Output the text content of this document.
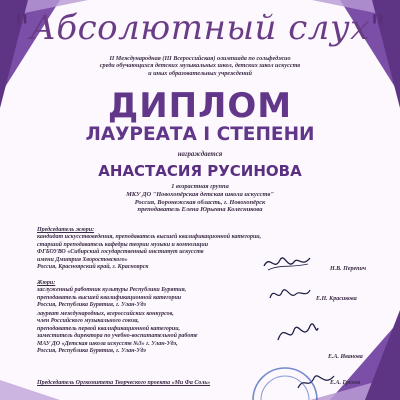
"Абсолютный слух"
II Международная (III Всероссийская) олимпиада по сольфеджио
среди обучающихся детских музыкальных школ, детских школ искусств
и иных образовательных учреждений
ДИПЛОМ
ЛАУРЕАТА I СТЕПЕНИ
награждается
АНАСТАСИЯ РУСИНОВА
1 возрастная группа
МКУ ДО "Новохопёрская детская школа искусств"
Россия, Воронежская область, г. Новохопёрск
преподаватель Елена Юрьевна Колесникова
Председатель жюри:
кандидат искусствоведения, преподаватель высшей квалификационной категории,
старший преподаватель кафедры теории музыки и композиции
ФГБОУВО «Сибирский государственный институт искусств
имени Дмитрия Хворостовского»
Россия, Красноярский край, г. Красноярск	Н.В. Перепич
Жюри:
заслуженный работник культуры Республики Бурятия,
преподаватель высшей квалификационной категории
Россия, Республика Бурятия, г. Улан-Удэ
Е.Н. Красикова
лауреат международных, всероссийских конкурсов,
член Российского музыкального союза,
преподаватель первой квалификационной категории,
заместитель директора по учебно-воспитательной работе
МАУ ДО «Детская школа искусств №3» г. Улан-Удэ,
Россия, Республика Бурятия, г. Улан-Удэ
Е.А. Иванова
Председатель Оргкомитета Творческого проекта «Ми Фа Соль»	Е.А. Грехов
